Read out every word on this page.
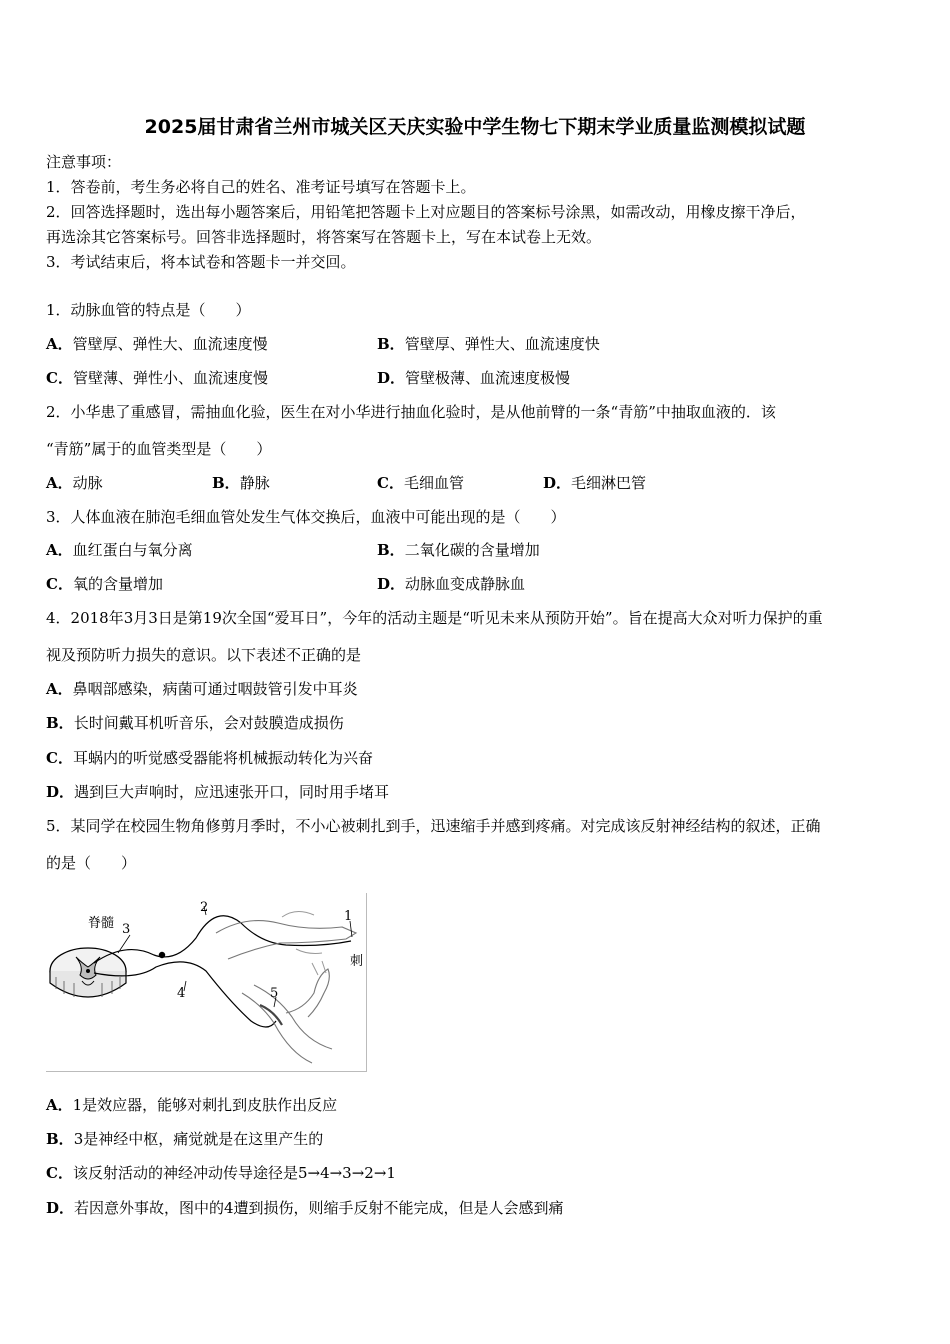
2025届甘肃省兰州市城关区天庆实验中学生物七下期末学业质量监测模拟试题
注意事项：
1．答卷前，考生务必将自己的姓名、准考证号填写在答题卡上。
2．回答选择题时，选出每小题答案后，用铅笔把答题卡上对应题目的答案标号涂黑，如需改动，用橡皮擦干净后，
再选涂其它答案标号。回答非选择题时，将答案写在答题卡上，写在本试卷上无效。
3．考试结束后，将本试卷和答题卡一并交回。
1．动脉血管的特点是（　　）
A．管壁厚、弹性大、血流速度慢	B．管壁厚、弹性大、血流速度快
C．管壁薄、弹性小、血流速度慢	D．管壁极薄、血流速度极慢
2．小华患了重感冒，需抽血化验，医生在对小华进行抽血化验时，是从他前臂的一条“青筋”中抽取血液的．该
“青筋”属于的血管类型是（　　）
A．动脉	B．静脉	C．毛细血管	D．毛细淋巴管
3．人体血液在肺泡毛细血管处发生气体交换后，血液中可能出现的是（　　）
A．血红蛋白与氧分离	B．二氧化碳的含量增加
C．氧的含量增加	D．动脉血变成静脉血
4．2018年3月3日是第19次全国“爱耳日”，今年的活动主题是“听见未来从预防开始”。旨在提高大众对听力保护的重
视及预防听力损失的意识。以下表述不正确的是
A．鼻咽部感染，病菌可通过咽鼓管引发中耳炎
B．长时间戴耳机听音乐，会对鼓膜造成损伤
C．耳蜗内的听觉感受器能将机械振动转化为兴奋
D．遇到巨大声响时，应迅速张开口，同时用手堵耳
5．某同学在校园生物角修剪月季时，不小心被刺扎到手，迅速缩手并感到疼痛。对完成该反射神经结构的叙述，正确
的是（　　）
脊髓 3
2
1
刺
4	5
A．1是效应器，能够对刺扎到皮肤作出反应
B．3是神经中枢，痛觉就是在这里产生的
C．该反射活动的神经冲动传导途径是5→4→3→2→1
D．若因意外事故，图中的4遭到损伤，则缩手反射不能完成，但是人会感到痛
